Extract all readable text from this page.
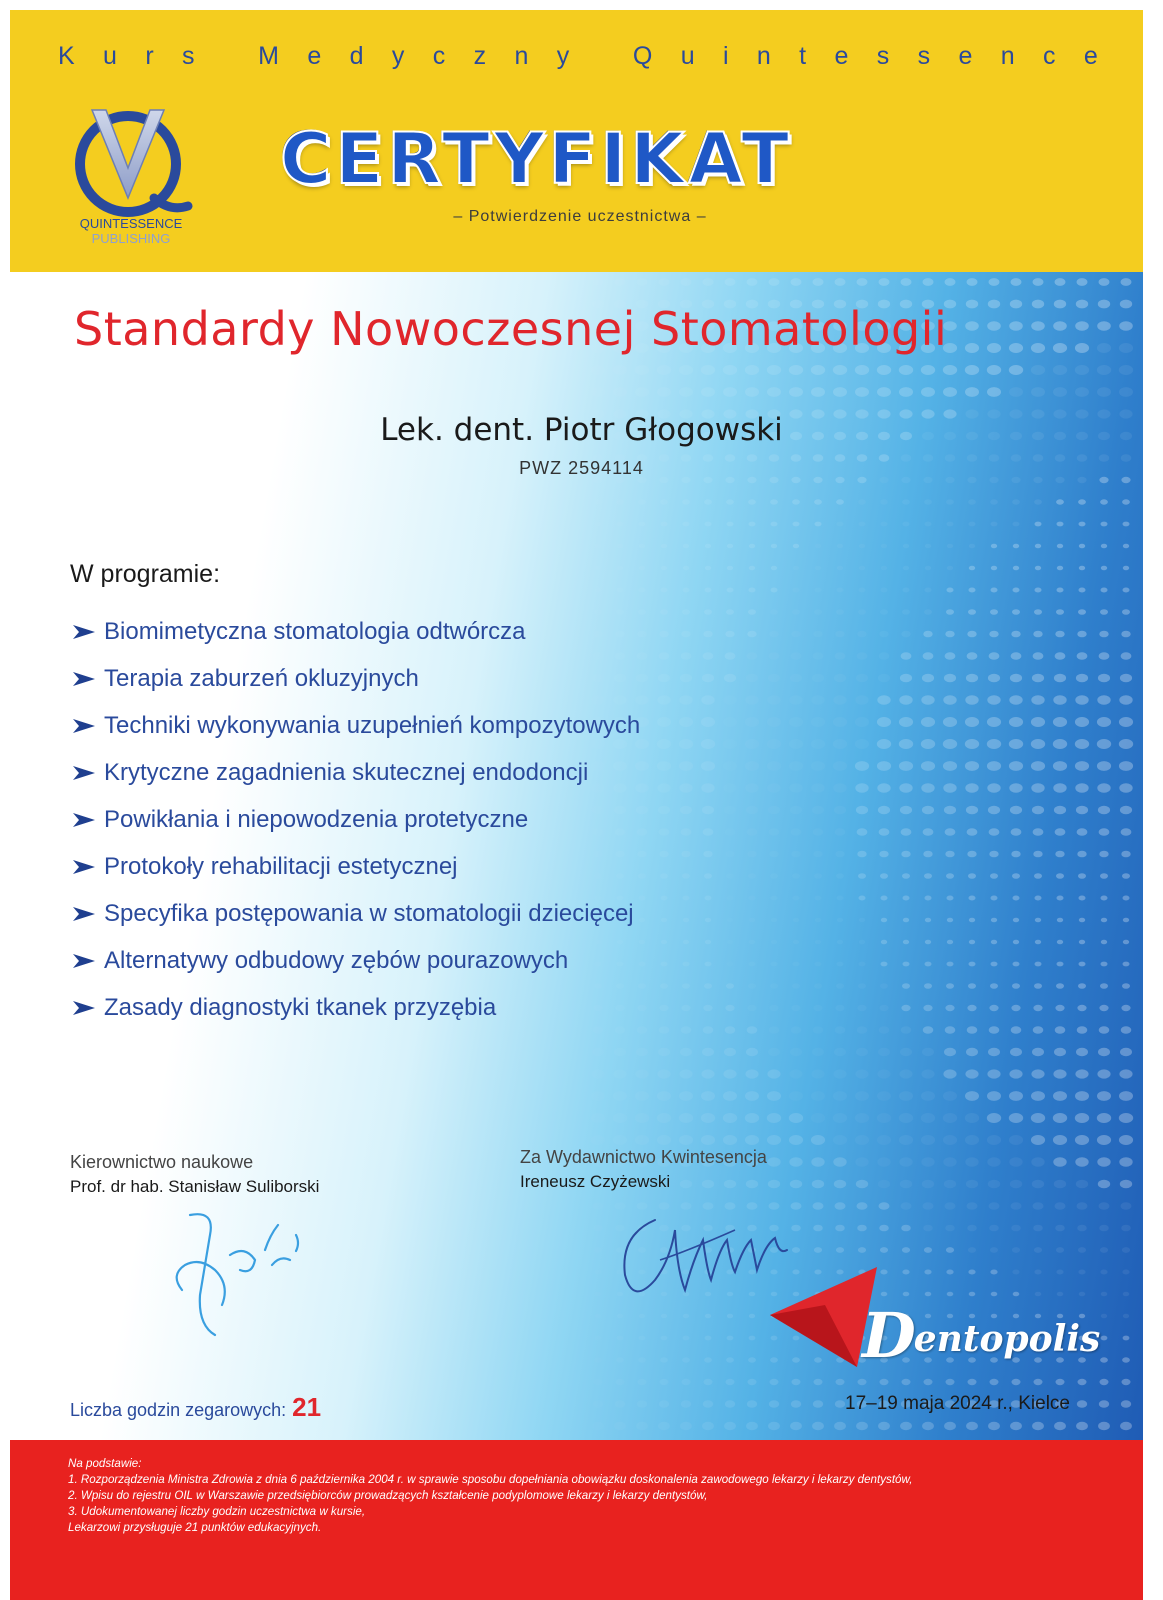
K u r s
	M e d y c z n y
	Q u i n t e s s e n c e
QUINTESSENCE
PUBLISHING
CERTYFIKAT
– Potwierdzenie uczestnictwa –
Standardy Nowoczesnej Stomatologii
Lek. dent. Piotr Głogowski
PWZ 2594114
W programie:
Biomimetyczna stomatologia odtwórcza
Terapia zaburzeń okluzyjnych
Techniki wykonywania uzupełnień kompozytowych
Krytyczne zagadnienia skutecznej endodoncji
Powikłania i niepowodzenia protetyczne
Protokoły rehabilitacji estetycznej
Specyfika postępowania w stomatologii dziecięcej
Alternatywy odbudowy zębów pourazowych
Zasady diagnostyki tkanek przyzębia
Kierownictwo naukowe
Prof. dr hab. Stanisław Suliborski
Za Wydawnictwo Kwintesencja
Ireneusz Czyżewski
Dentopolis
Liczba godzin zegarowych: 21	17–19 maja 2024 r., Kielce
Na podstawie:
1. Rozporządzenia Ministra Zdrowia z dnia 6 października 2004 r. w sprawie sposobu dopełniania obowiązku doskonalenia zawodowego lekarzy i lekarzy dentystów,
2. Wpisu do rejestru OIL w Warszawie przedsiębiorców prowadzących kształcenie podyplomowe lekarzy i lekarzy dentystów,
3. Udokumentowanej liczby godzin uczestnictwa w kursie,
Lekarzowi przysługuje 21 punktów edukacyjnych.
